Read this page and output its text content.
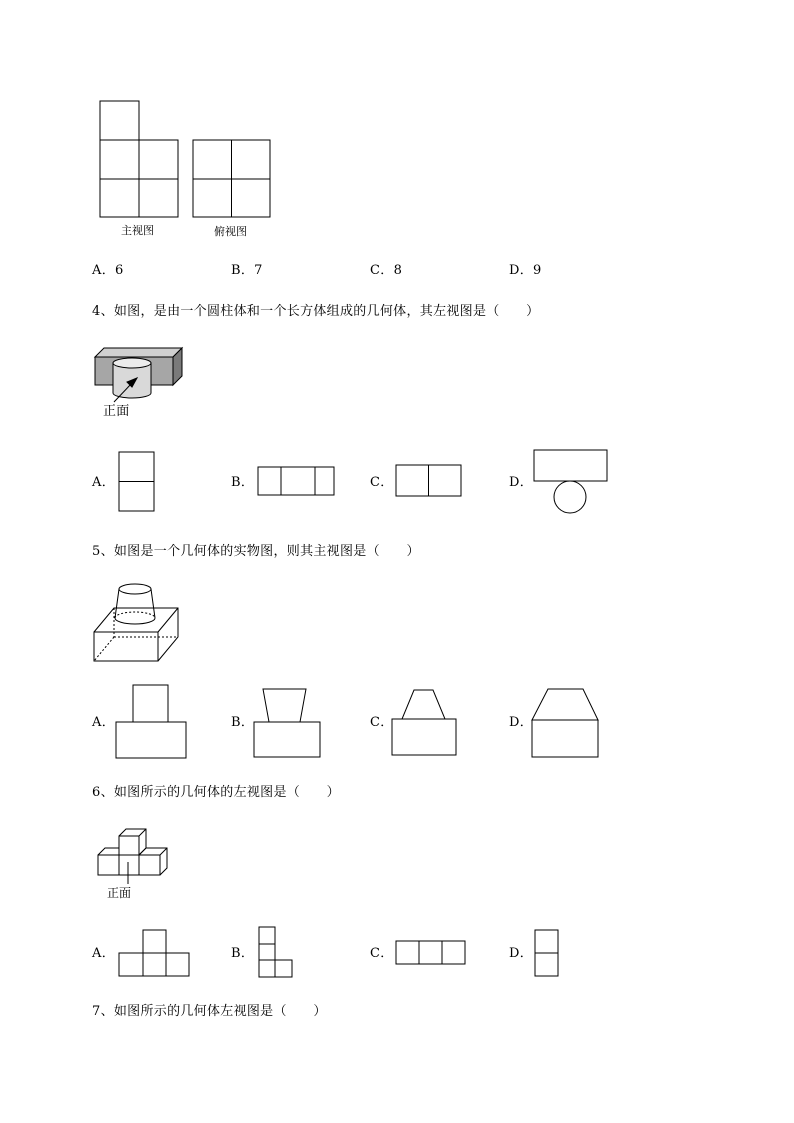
主视图	俯视图
A．6	B．7	C．8	D．9
4、如图，是由一个圆柱体和一个长方体组成的几何体，其左视图是（　　）
正面
A．	B．	C．	D．
5、如图是一个几何体的实物图，则其主视图是（　　）
A．	B．	C．	D．
6、如图所示的几何体的左视图是（　　）
正面
A．	B．	C．	D．
7、如图所示的几何体左视图是（　　）
